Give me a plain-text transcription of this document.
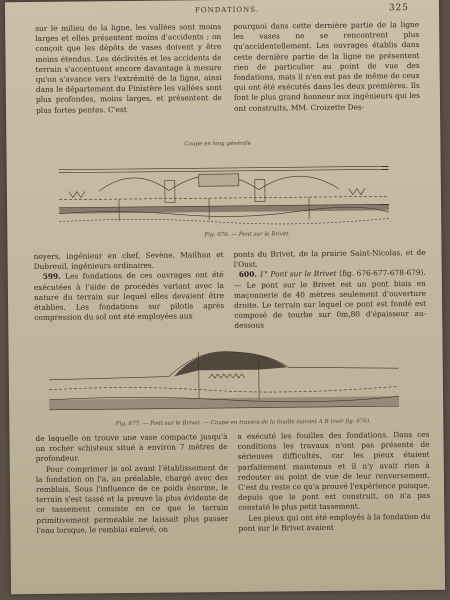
FONDATIONS.	325

sur le milieu de la ligne, les vallées sont moins larges et elles présentent moins d'accidents ; on conçoit que les dépôts de vases doivent y être moins étendus. Les déclivités et les accidents de terrain s'accentuent encore davantage à mesure qu'on s'avance vers l'extrémité de la ligne, ainsi dans le département du Finistère les vallées sont plus profondes, moins larges, et présentent de plus fortes pentes. C'est

pourquoi dans cette dernière partie de la ligne les vases ne se rencontrent plus qu'accidentellement. Les ouvrages établis dans cette dernière partie de la ligne ne présentent rien de particulier au point de vue des fondations, mais il n'en est pas de même de ceux qui ont été exécutés dans les deux premières. Ils font le plus grand honneur aux ingénieurs qui les ont construits, MM. Croizette Des-

Coupe en long générale
Fig. 676. — Pont sur le Brivet.

noyers, ingénieur en chef, Sevène, Mailhan et Dubreuil, ingénieurs ordinaires.

599. Les fondations de ces ouvrages ont été exécutées à l'aide de procédés variant avec la nature du terrain sur lequel elles devaient être établies. Les fondations sur pilotis après compression du sol ont été employées aux

ponts du Brivet, de la prairie Saint-Nicolas, et de l'Oust.

600. 1° Pont sur le Brivet (fig. 676-677-678-679). — Le pont sur le Brivet est un pont biais en maçonnerie de 40 mètres seulement d'ouverture droite. Le terrain sur lequel ce pont est fondé est composé de tourbe sur 0m,80 d'épaisseur au-dessous

Fig. 677. — Pont sur le Brivet. — Coupe en travers de la fouille suivant A B (voir fig. 676).

de laquelle on trouve une vase compacte jusqu'à un rocher schisteux situé à environ 7 mètres de profondeur.

Pour comprimer le sol avant l'établissement de la fondation on l'a, au préalable, chargé avec des remblais. Sous l'influence de ce poids énorme, le terrain s'est tassé et la preuve la plus évidente de ce tassement consiste en ce que le terrain primitivement permeable ne laissait plus passer l'eau lorsque, le remblai enlevé, on

a exécuté les fouilles des fondations. Dans ces conditions les travaux n'ont pas présenté de sérieuses difficultés, car les pieux étaient parfaitement maintenus et il n'y avait rien à redouter au point de vue de leur renversement. C'est du reste ce qu'a prouvé l'expérience puisque, depuis que le pont est construit, on n'a pas constaté le plus petit tassement.

Les pieux qui ont été employés à la fondation du pont sur le Brivet avaient
